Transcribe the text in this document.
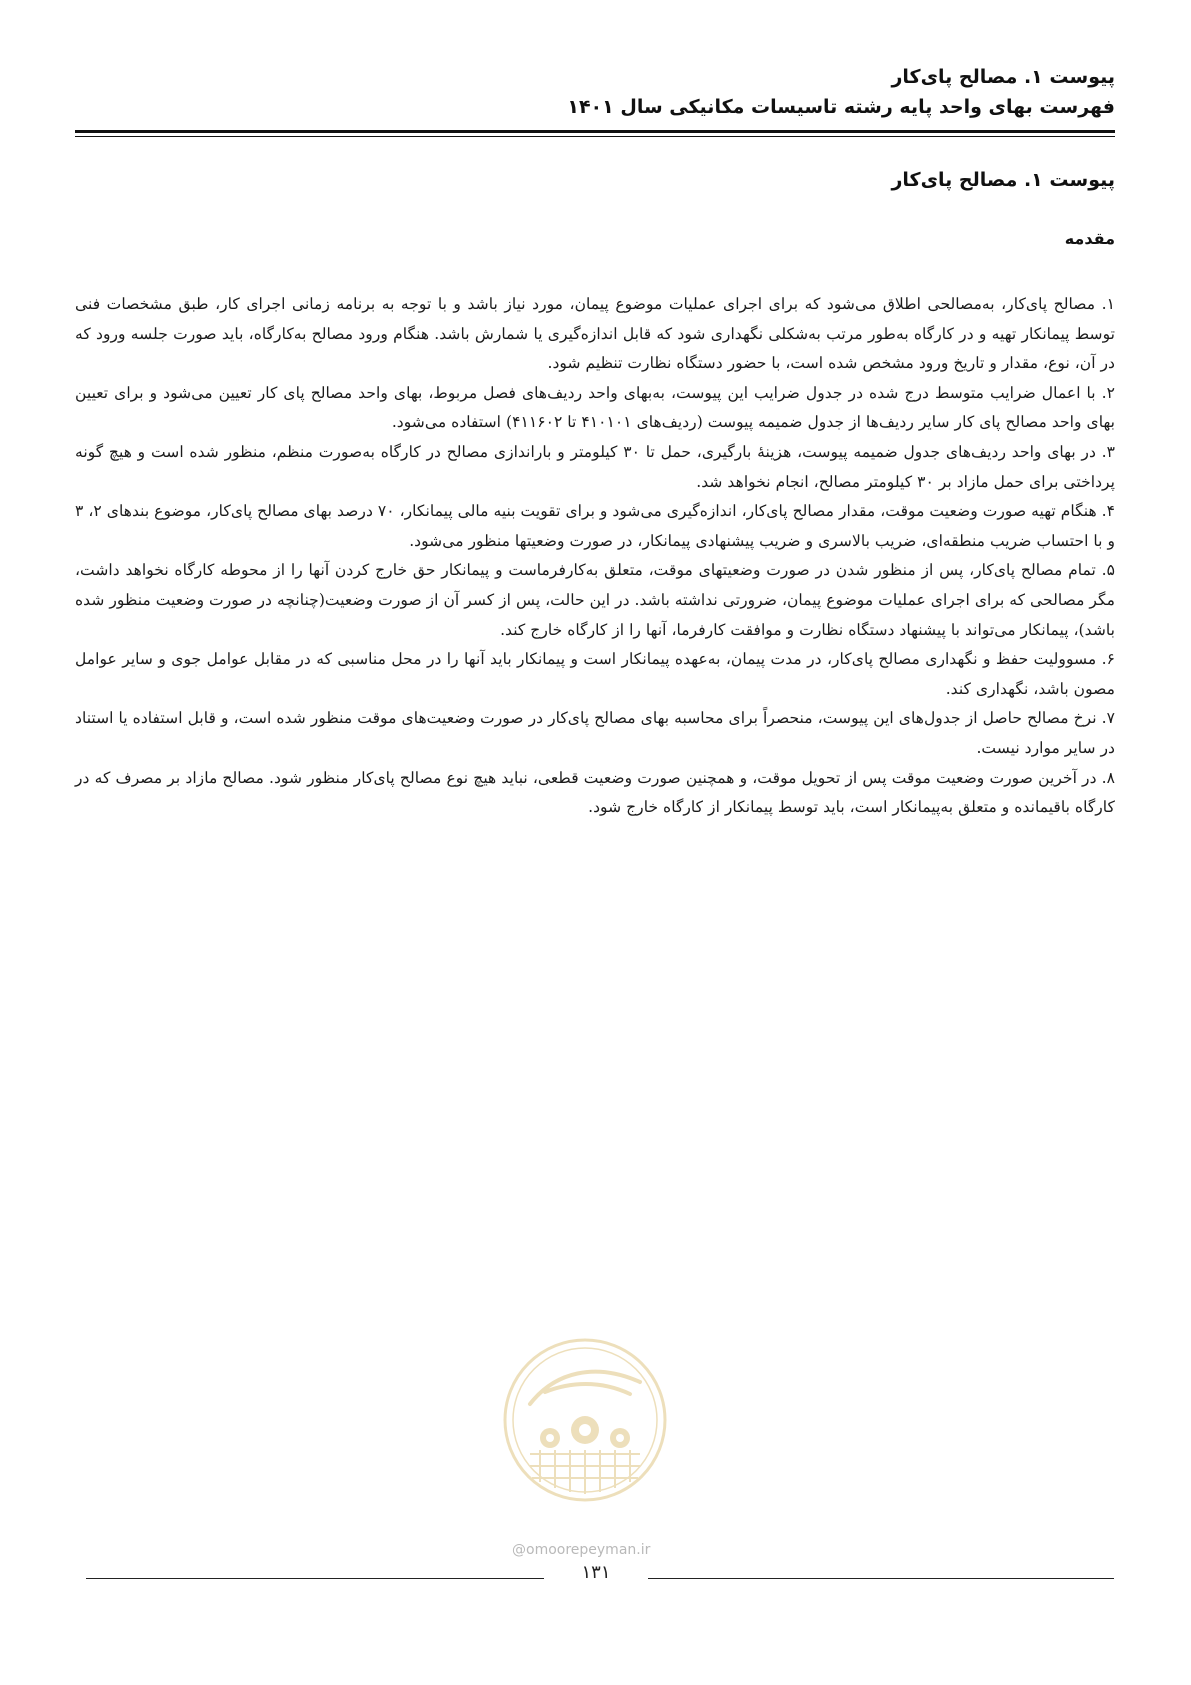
پیوست ۱. مصالح پای‌کار
فهرست بهای واحد پایه رشته تاسیسات مکانیکی سال ۱۴۰۱
پیوست ۱. مصالح پای‌کار
مقدمه

۱. مصالح پای‌کار، به‌مصالحی اطلاق می‌شود که برای اجرای عملیات موضوع پیمان، مورد نیاز باشد و با توجه به برنامه زمانی اجرای کار، طبق مشخصات فنی توسط پیمانکار تهیه و در کارگاه به‌طور مرتب به‌شکلی نگهداری شود که قابل اندازه‌گیری یا شمارش باشد. هنگام ورود مصالح به‌کارگاه، باید صورت جلسه ورود که در آن، نوع، مقدار و تاریخ ورود مشخص شده است، با حضور دستگاه نظارت تنظیم شود.

۲. با اعمال ضرایب متوسط درج شده در جدول ضرایب این پیوست، به‌بهای واحد ردیف‌های فصل مربوط، بهای واحد مصالح پای کار تعیین می‌شود و برای تعیین بهای واحد مصالح پای کار سایر ردیف‌ها از جدول ضمیمه پیوست (ردیف‌های ۴۱۰۱۰۱ تا ۴۱۱۶۰۲) استفاده می‌شود.

۳. در بهای واحد ردیف‌های جدول ضمیمه پیوست، هزینهٔ بارگیری، حمل تا ۳۰ کیلومتر و باراندازی مصالح در کارگاه به‌صورت منظم، منظور شده است و هیچ گونه پرداختی برای حمل مازاد بر ۳۰ کیلومتر مصالح، انجام نخواهد شد.

۴. هنگام تهیه صورت وضعیت موقت، مقدار مصالح پای‌کار، اندازه‌گیری می‌شود و برای تقویت بنیه مالی پیمانکار، ۷۰ درصد بهای مصالح پای‌کار، موضوع بندهای ۲، ۳ و با احتساب ضریب منطقه‌ای، ضریب بالاسری و ضریب پیشنهادی پیمانکار، در صورت وضعیتها منظور می‌شود.

۵. تمام مصالح پای‌کار، پس از منظور شدن در صورت وضعیتهای موقت، متعلق به‌کارفرماست و پیمانکار حق خارج کردن آنها را از محوطه کارگاه نخواهد داشت، مگر مصالحی که برای اجرای عملیات موضوع پیمان، ضرورتی نداشته باشد. در این حالت، پس از کسر آن از صورت وضعیت(چنانچه در صورت وضعیت منظور شده باشد)، پیمانکار می‌تواند با پیشنهاد دستگاه نظارت و موافقت کارفرما، آنها را از کارگاه خارج کند.

۶. مسوولیت حفظ و نگهداری مصالح پای‌کار، در مدت پیمان، به‌عهده پیمانکار است و پیمانکار باید آنها را در محل مناسبی که در مقابل عوامل جوی و سایر عوامل مصون باشد، نگهداری کند.

۷. نرخ مصالح حاصل از جدول‌های این پیوست، منحصراً برای محاسبه بهای مصالح پای‌کار در صورت وضعیت‌های موقت منظور شده است، و قابل استفاده یا استناد در سایر موارد نیست.

۸. در آخرین صورت وضعیت موقت پس از تحویل موقت، و همچنین صورت وضعیت قطعی، نباید هیچ نوع مصالح پای‌کار منظور شود. مصالح مازاد بر مصرف که در کارگاه باقیمانده و متعلق به‌پیمانکار است، باید توسط پیمانکار از کارگاه خارج شود.

@omoorepeyman.ir
۱۳۱
